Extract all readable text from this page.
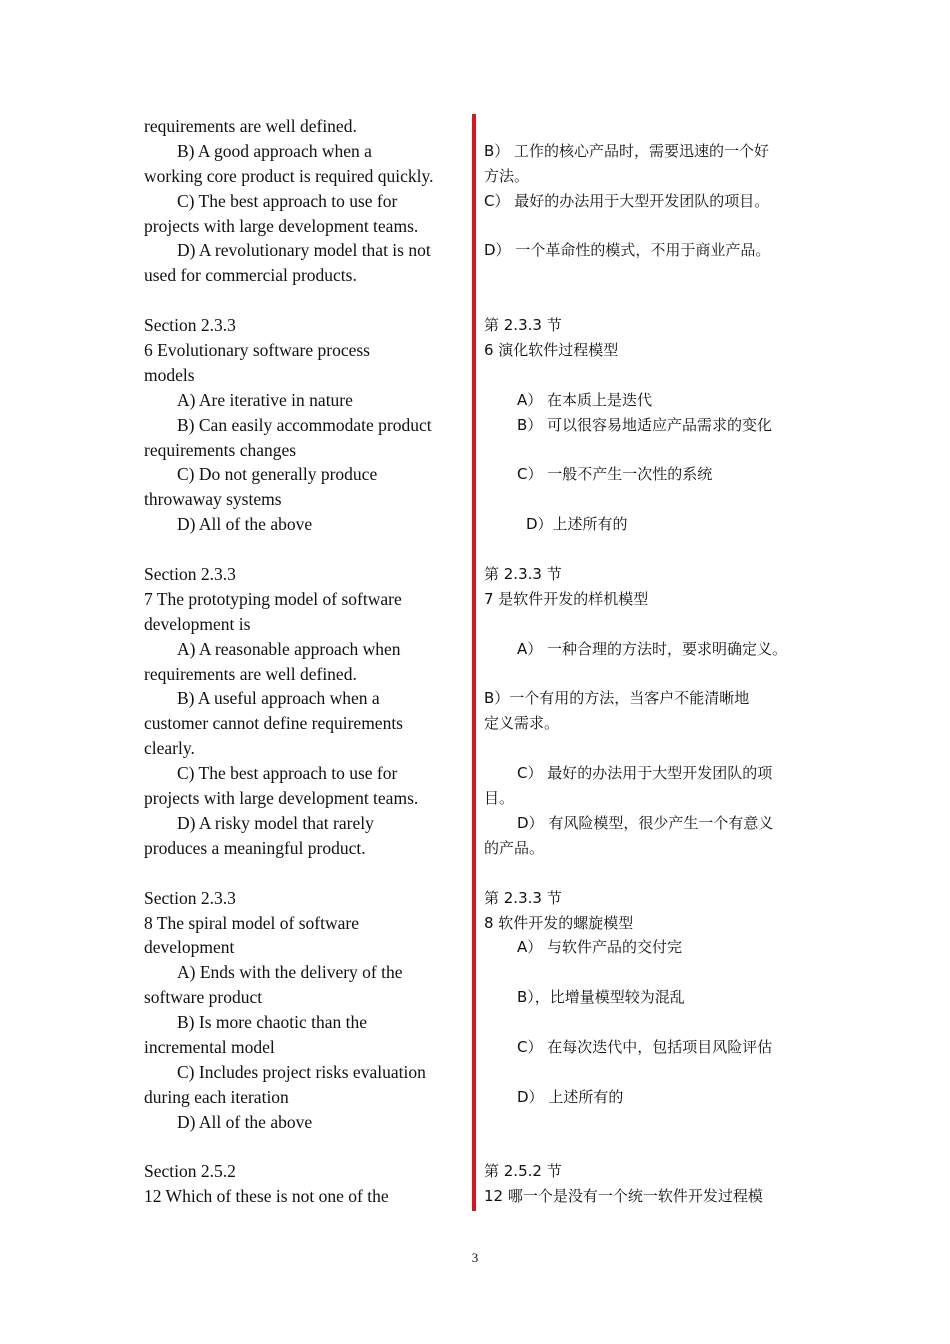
requirements are well defined.
B) A good approach when a
working core product is required quickly.
C) The best approach to use for
projects with large development teams.
D) A revolutionary model that is not
used for commercial products.
Section 2.3.3
6 Evolutionary software process
models
A) Are iterative in nature
B) Can easily accommodate product
requirements changes
C) Do not generally produce
throwaway systems
D) All of the above
Section 2.3.3
7 The prototyping model of software
development is
A) A reasonable approach when
requirements are well defined.
B) A useful approach when a
customer cannot define requirements
clearly.
C) The best approach to use for
projects with large development teams.
D) A risky model that rarely
produces a meaningful product.
Section 2.3.3
8 The spiral model of software
development
A) Ends with the delivery of the
software product
B) Is more chaotic than the
incremental model
C) Includes project risks evaluation
during each iteration
D) All of the above
Section 2.5.2
12 Which of these is not one of the
B） 工作的核心产品时，需要迅速的一个好
方法。
C） 最好的办法用于大型开发团队的项目。
D） 一个革命性的模式，不用于商业产品。
第 2.3.3 节
6 演化软件过程模型
A） 在本质上是迭代
B） 可以很容易地适应产品需求的变化
C） 一般不产生一次性的系统
D）上述所有的
第 2.3.3 节
7 是软件开发的样机模型
A） 一种合理的方法时，要求明确定义。
B）一个有用的方法，当客户不能清晰地
定义需求。
C） 最好的办法用于大型开发团队的项
目。
D） 有风险模型，很少产生一个有意义
的产品。
第 2.3.3 节
8 软件开发的螺旋模型
A） 与软件产品的交付完
B），比增量模型较为混乱
C） 在每次迭代中，包括项目风险评估
D） 上述所有的
第 2.5.2 节
12 哪一个是没有一个统一软件开发过程模
3
